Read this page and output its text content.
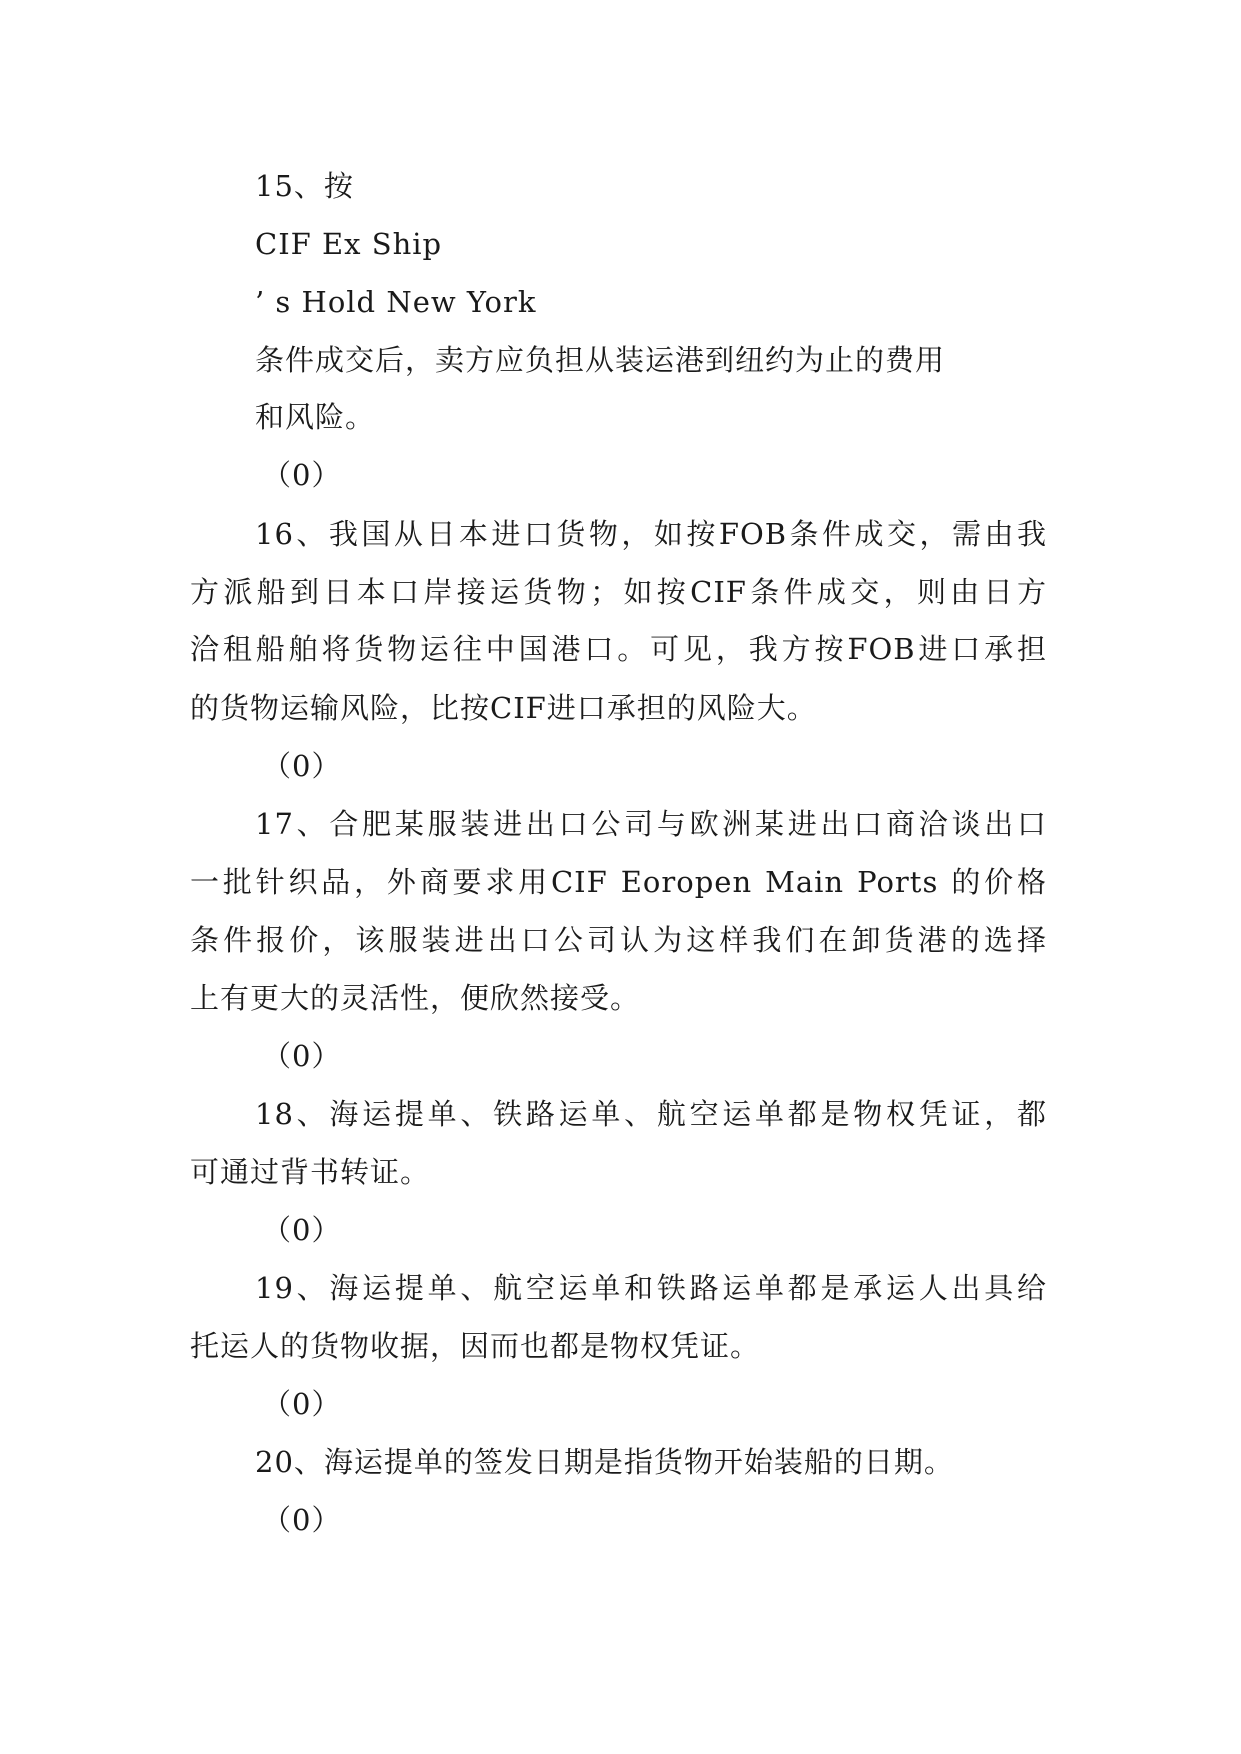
15、按
CIF Ex Ship
’ s Hold New York
条件成交后，卖方应负担从装运港到纽约为止的费用
和风险。
（0）
16、我国从日本进口货物，如按FOB条件成交，需由我
方派船到日本口岸接运货物；如按CIF条件成交，则由日方
洽租船舶将货物运往中国港口。可见，我方按FOB进口承担
的货物运输风险，比按CIF进口承担的风险大。
（0）
17、合肥某服装进出口公司与欧洲某进出口商洽谈出口
一批针织品，外商要求用CIF Eoropen Main Ports 的价格
条件报价，该服装进出口公司认为这样我们在卸货港的选择
上有更大的灵活性，便欣然接受。
（0）
18、海运提单、铁路运单、航空运单都是物权凭证，都
可通过背书转证。
（0）
19、海运提单、航空运单和铁路运单都是承运人出具给
托运人的货物收据，因而也都是物权凭证。
（0）
20、海运提单的签发日期是指货物开始装船的日期。
（0）
